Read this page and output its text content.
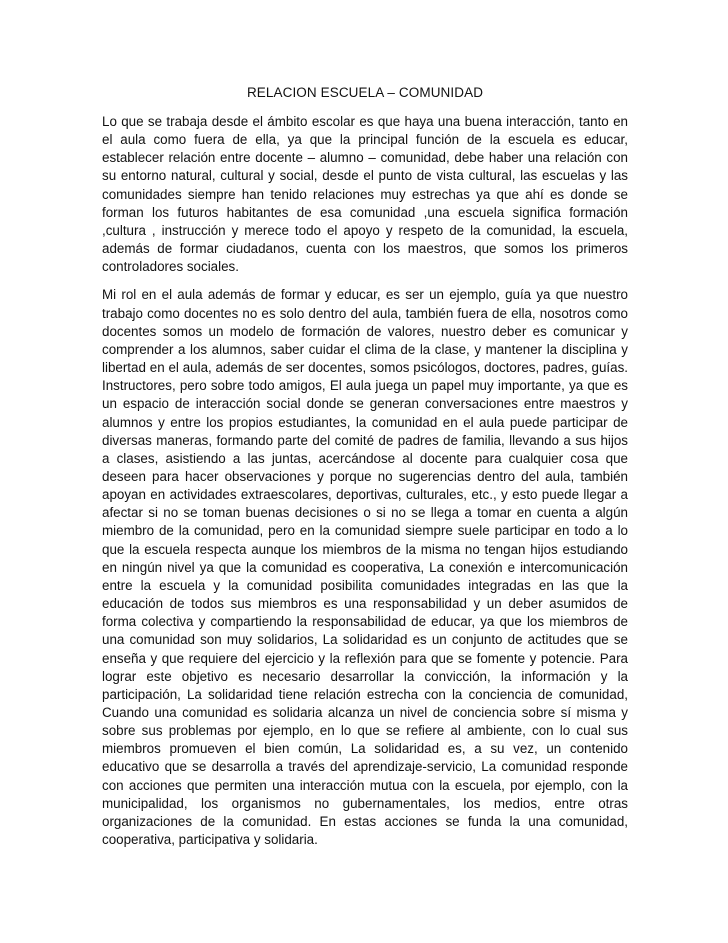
RELACION ESCUELA – COMUNIDAD

Lo que se trabaja desde el ámbito escolar es que haya una buena interacción, tanto en el aula como fuera de ella, ya que la principal función de la escuela es educar, establecer relación entre docente – alumno – comunidad, debe haber una relación con su entorno natural, cultural y social, desde el punto de vista cultural, las escuelas y las comunidades siempre han tenido relaciones muy estrechas ya que ahí es donde se forman los futuros habitantes de esa comunidad ,una escuela significa formación ,cultura , instrucción y merece todo el apoyo y respeto de la comunidad, la escuela, además de formar ciudadanos, cuenta con los maestros, que somos los primeros controladores sociales.

Mi rol en el aula además de formar y educar, es ser un ejemplo, guía ya que nuestro trabajo como docentes no es solo dentro del aula, también fuera de ella, nosotros como docentes somos un modelo de formación de valores, nuestro deber es comunicar y comprender a los alumnos, saber cuidar el clima de la clase, y mantener la disciplina y libertad en el aula, además de ser docentes, somos psicólogos, doctores, padres, guías. Instructores, pero sobre todo amigos, El aula juega un papel muy importante, ya que es un espacio de interacción social donde se generan conversaciones entre maestros y alumnos y entre los propios estudiantes, la comunidad en el aula puede participar de diversas maneras, formando parte del comité de padres de familia, llevando a sus hijos a clases, asistiendo a las juntas, acercándose al docente para cualquier cosa que deseen para hacer observaciones y porque no sugerencias dentro del aula, también apoyan en actividades extraescolares, deportivas, culturales, etc., y esto puede llegar a afectar si no se toman buenas decisiones o si no se llega a tomar en cuenta a algún miembro de la comunidad, pero en la comunidad siempre suele participar en todo a lo que la escuela respecta aunque los miembros de la misma no tengan hijos estudiando en ningún nivel ya que la comunidad es cooperativa, La conexión e intercomunicación entre la escuela y la comunidad posibilita comunidades integradas en las que la educación de todos sus miembros es una responsabilidad y un deber asumidos de forma colectiva y compartiendo la responsabilidad de educar, ya que los miembros de una comunidad son muy solidarios, La solidaridad es un conjunto de actitudes que se enseña y que requiere del ejercicio y la reflexión para que se fomente y potencie. Para lograr este objetivo es necesario desarrollar la convicción, la información y la participación, La solidaridad tiene relación estrecha con la conciencia de comunidad, Cuando una comunidad es solidaria alcanza un nivel de conciencia sobre sí misma y sobre sus problemas por ejemplo, en lo que se refiere al ambiente, con lo cual sus miembros promueven el bien común, La solidaridad es, a su vez, un contenido educativo que se desarrolla a través del aprendizaje-servicio, La comunidad responde con acciones que permiten una interacción mutua con la escuela, por ejemplo, con la municipalidad, los organismos no gubernamentales, los medios, entre otras organizaciones de la comunidad. En estas acciones se funda la una comunidad, cooperativa, participativa y solidaria.
